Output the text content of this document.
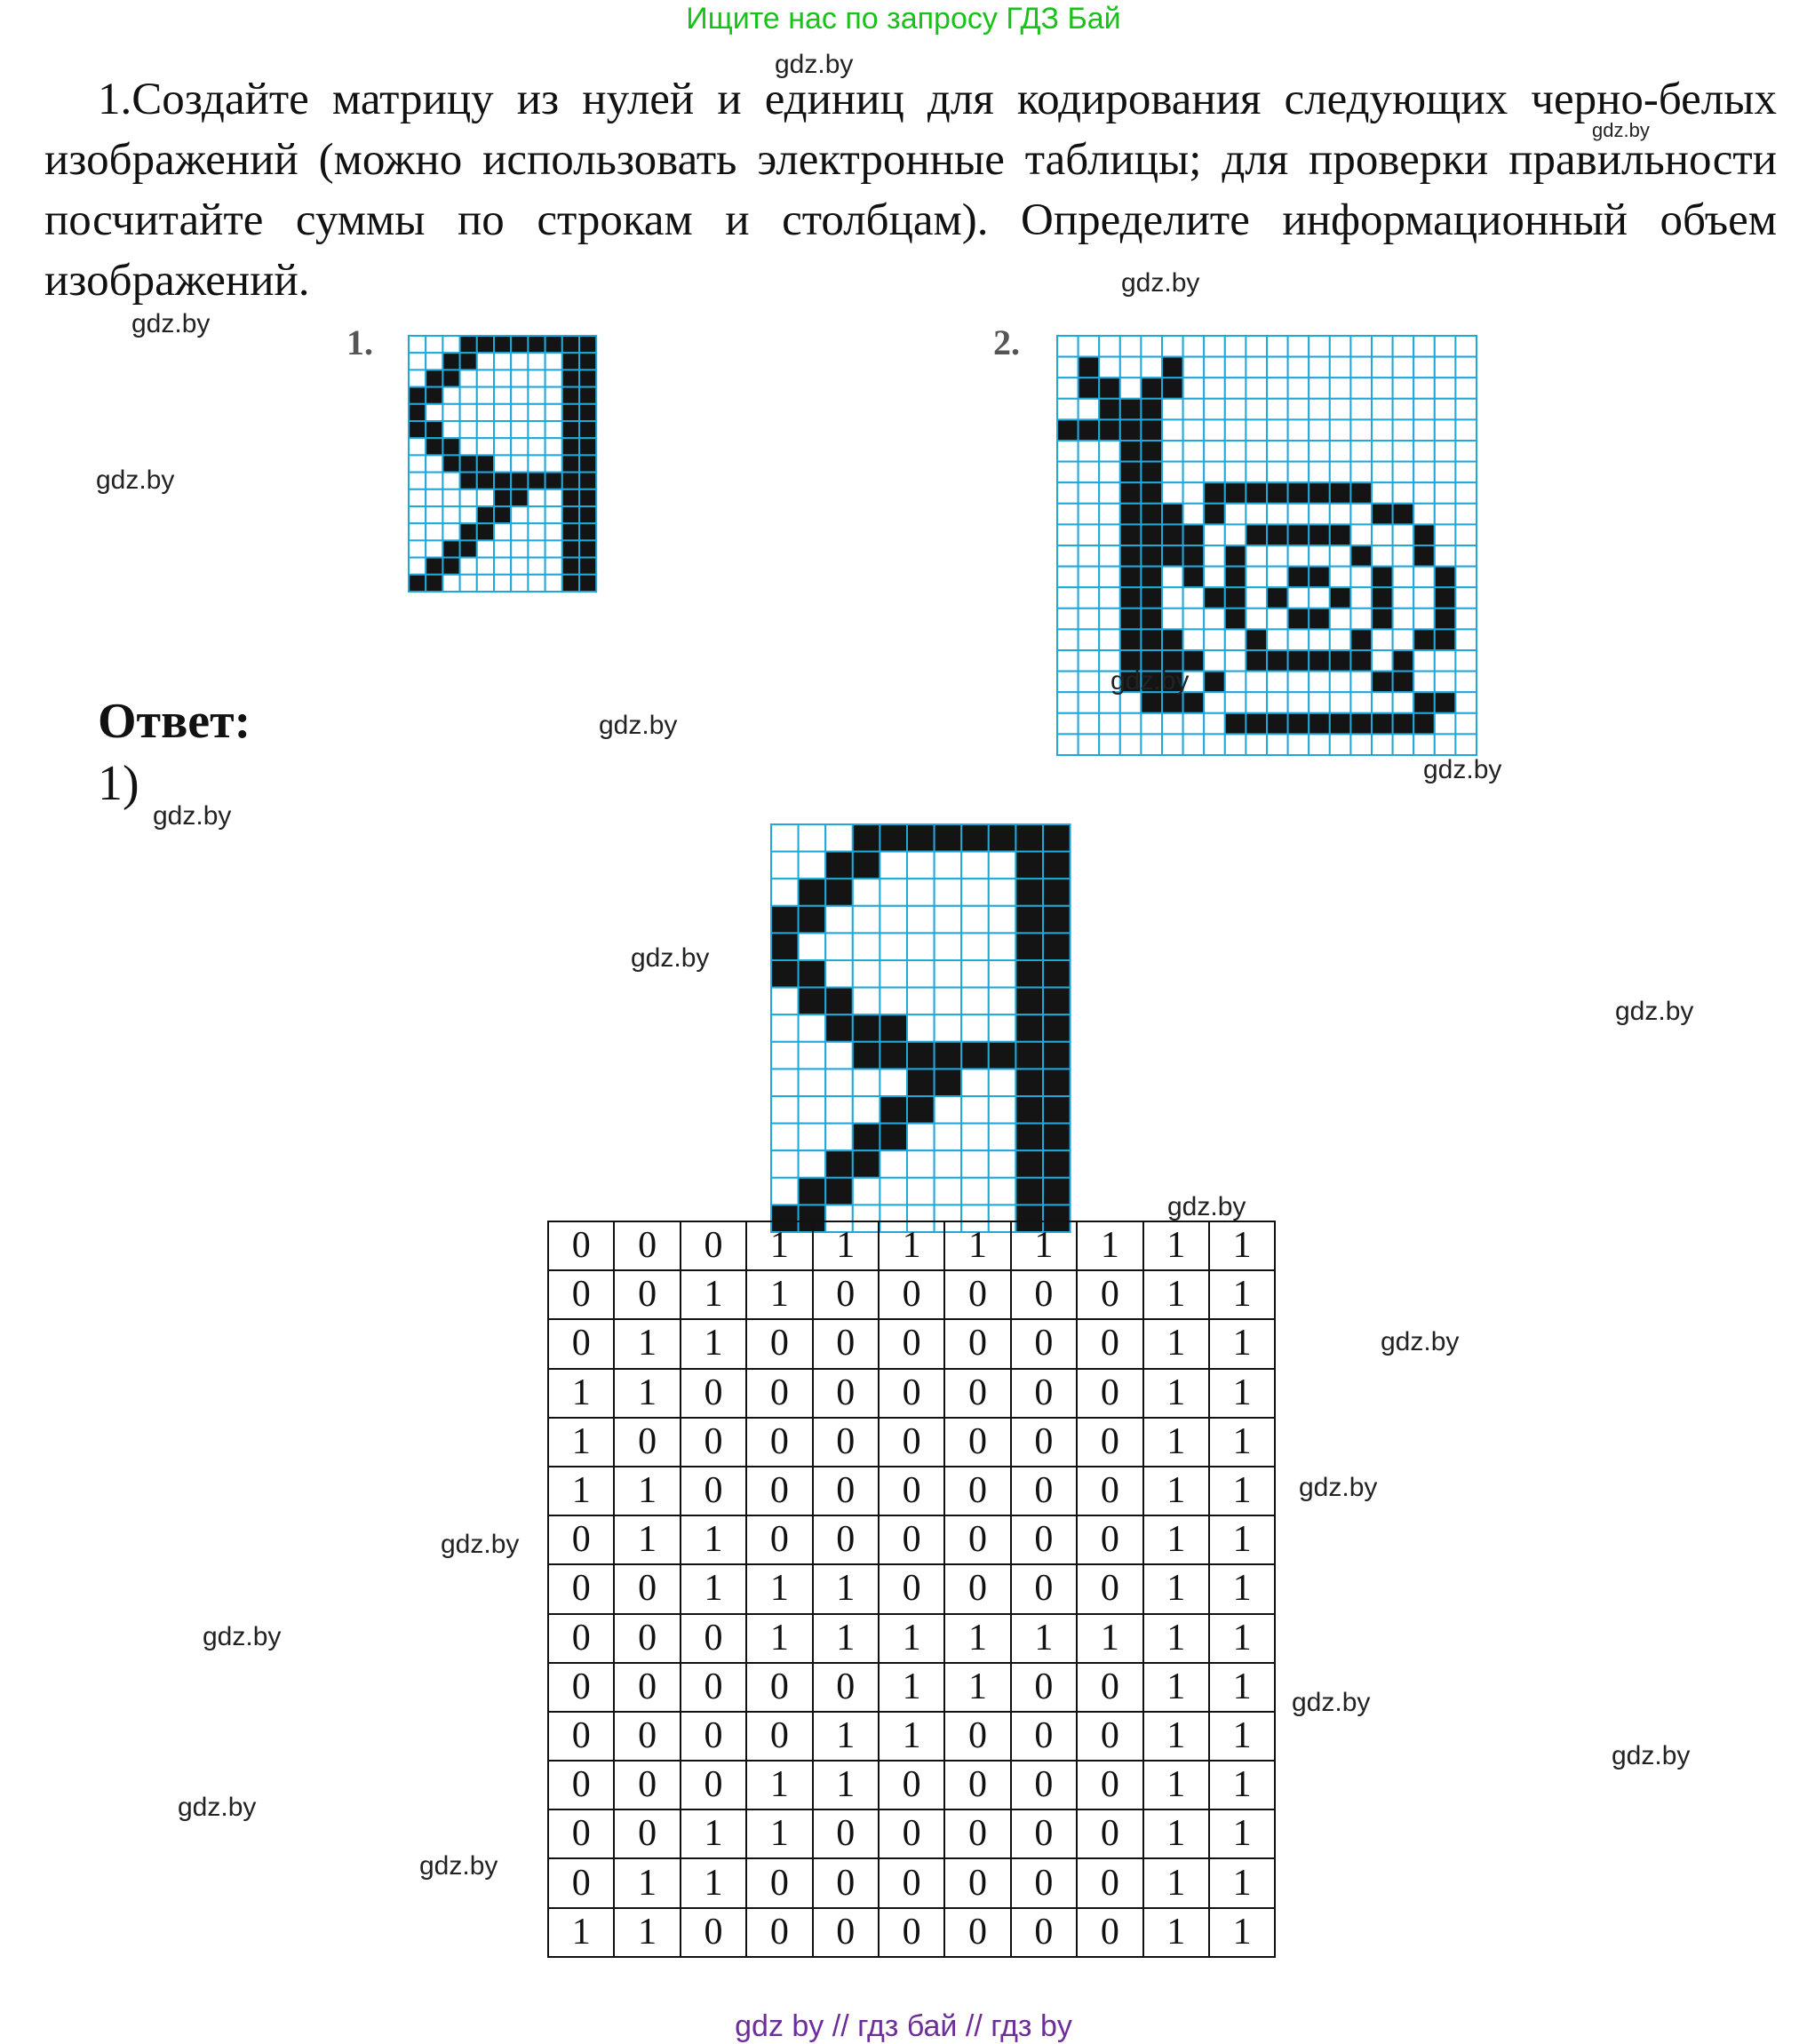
Ищите нас по запросу ГДЗ Бай
1.Создайте матрицу из нулей и единиц для кодирования следующих черно-белых изображений (можно использовать электронные таблицы; для проверки правильности посчитайте суммы по строкам и столбцам). Определите информационный объем изображений.
1.	2.
Ответ:
1)
0	0	0	1	1	1	1	1	1	1	1
0	0	1	1	0	0	0	0	0	1	1
0	1	1	0	0	0	0	0	0	1	1
1	1	0	0	0	0	0	0	0	1	1
1	0	0	0	0	0	0	0	0	1	1
1	1	0	0	0	0	0	0	0	1	1
0	1	1	0	0	0	0	0	0	1	1
0	0	1	1	1	0	0	0	0	1	1
0	0	0	1	1	1	1	1	1	1	1
0	0	0	0	0	1	1	0	0	1	1
0	0	0	0	1	1	0	0	0	1	1
0	0	0	1	1	0	0	0	0	1	1
0	0	1	1	0	0	0	0	0	1	1
0	1	1	0	0	0	0	0	0	1	1
1	1	0	0	0	0	0	0	0	1	1
gdz.by
gdz.by
gdz.by
gdz.by
gdz.by
gdz.by
gdz.by
gdz.by
gdz.by
gdz.by
gdz.by
gdz.by
gdz.by
gdz.by
gdz.by
gdz.by
gdz.by
gdz.by
gdz.by
gdz.by
gdz by // гдз бай // гдз by
